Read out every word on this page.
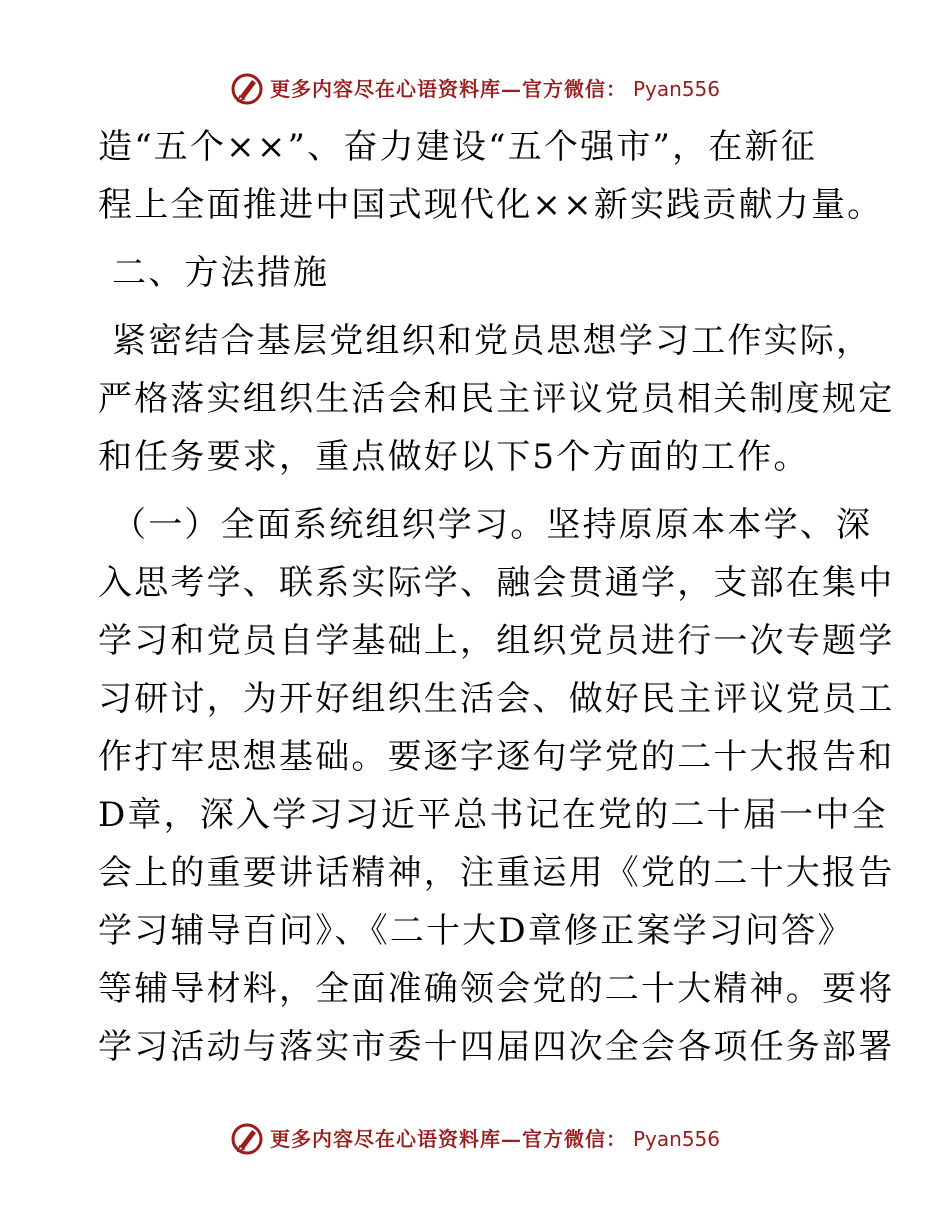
更多内容尽在心语资料库—官方微信： Pyan556

造“五个××”、奋力建设“五个强市”，在新征

程上全面推进中国式现代化××新实践贡献力量。

二、方法措施

紧密结合基层党组织和党员思想学习工作实际，

严格落实组织生活会和民主评议党员相关制度规定

和任务要求，重点做好以下5个方面的工作。

（一）全面系统组织学习。坚持原原本本学、深

入思考学、联系实际学、融会贯通学，支部在集中

学习和党员自学基础上，组织党员进行一次专题学

习研讨，为开好组织生活会、做好民主评议党员工

作打牢思想基础。要逐字逐句学党的二十大报告和

D章，深入学习习近平总书记在党的二十届一中全

会上的重要讲话精神，注重运用《党的二十大报告

学习辅导百问》、《二十大D章修正案学习问答》

等辅导材料，全面准确领会党的二十大精神。要将

学习活动与落实市委十四届四次全会各项任务部署

更多内容尽在心语资料库—官方微信： Pyan556
